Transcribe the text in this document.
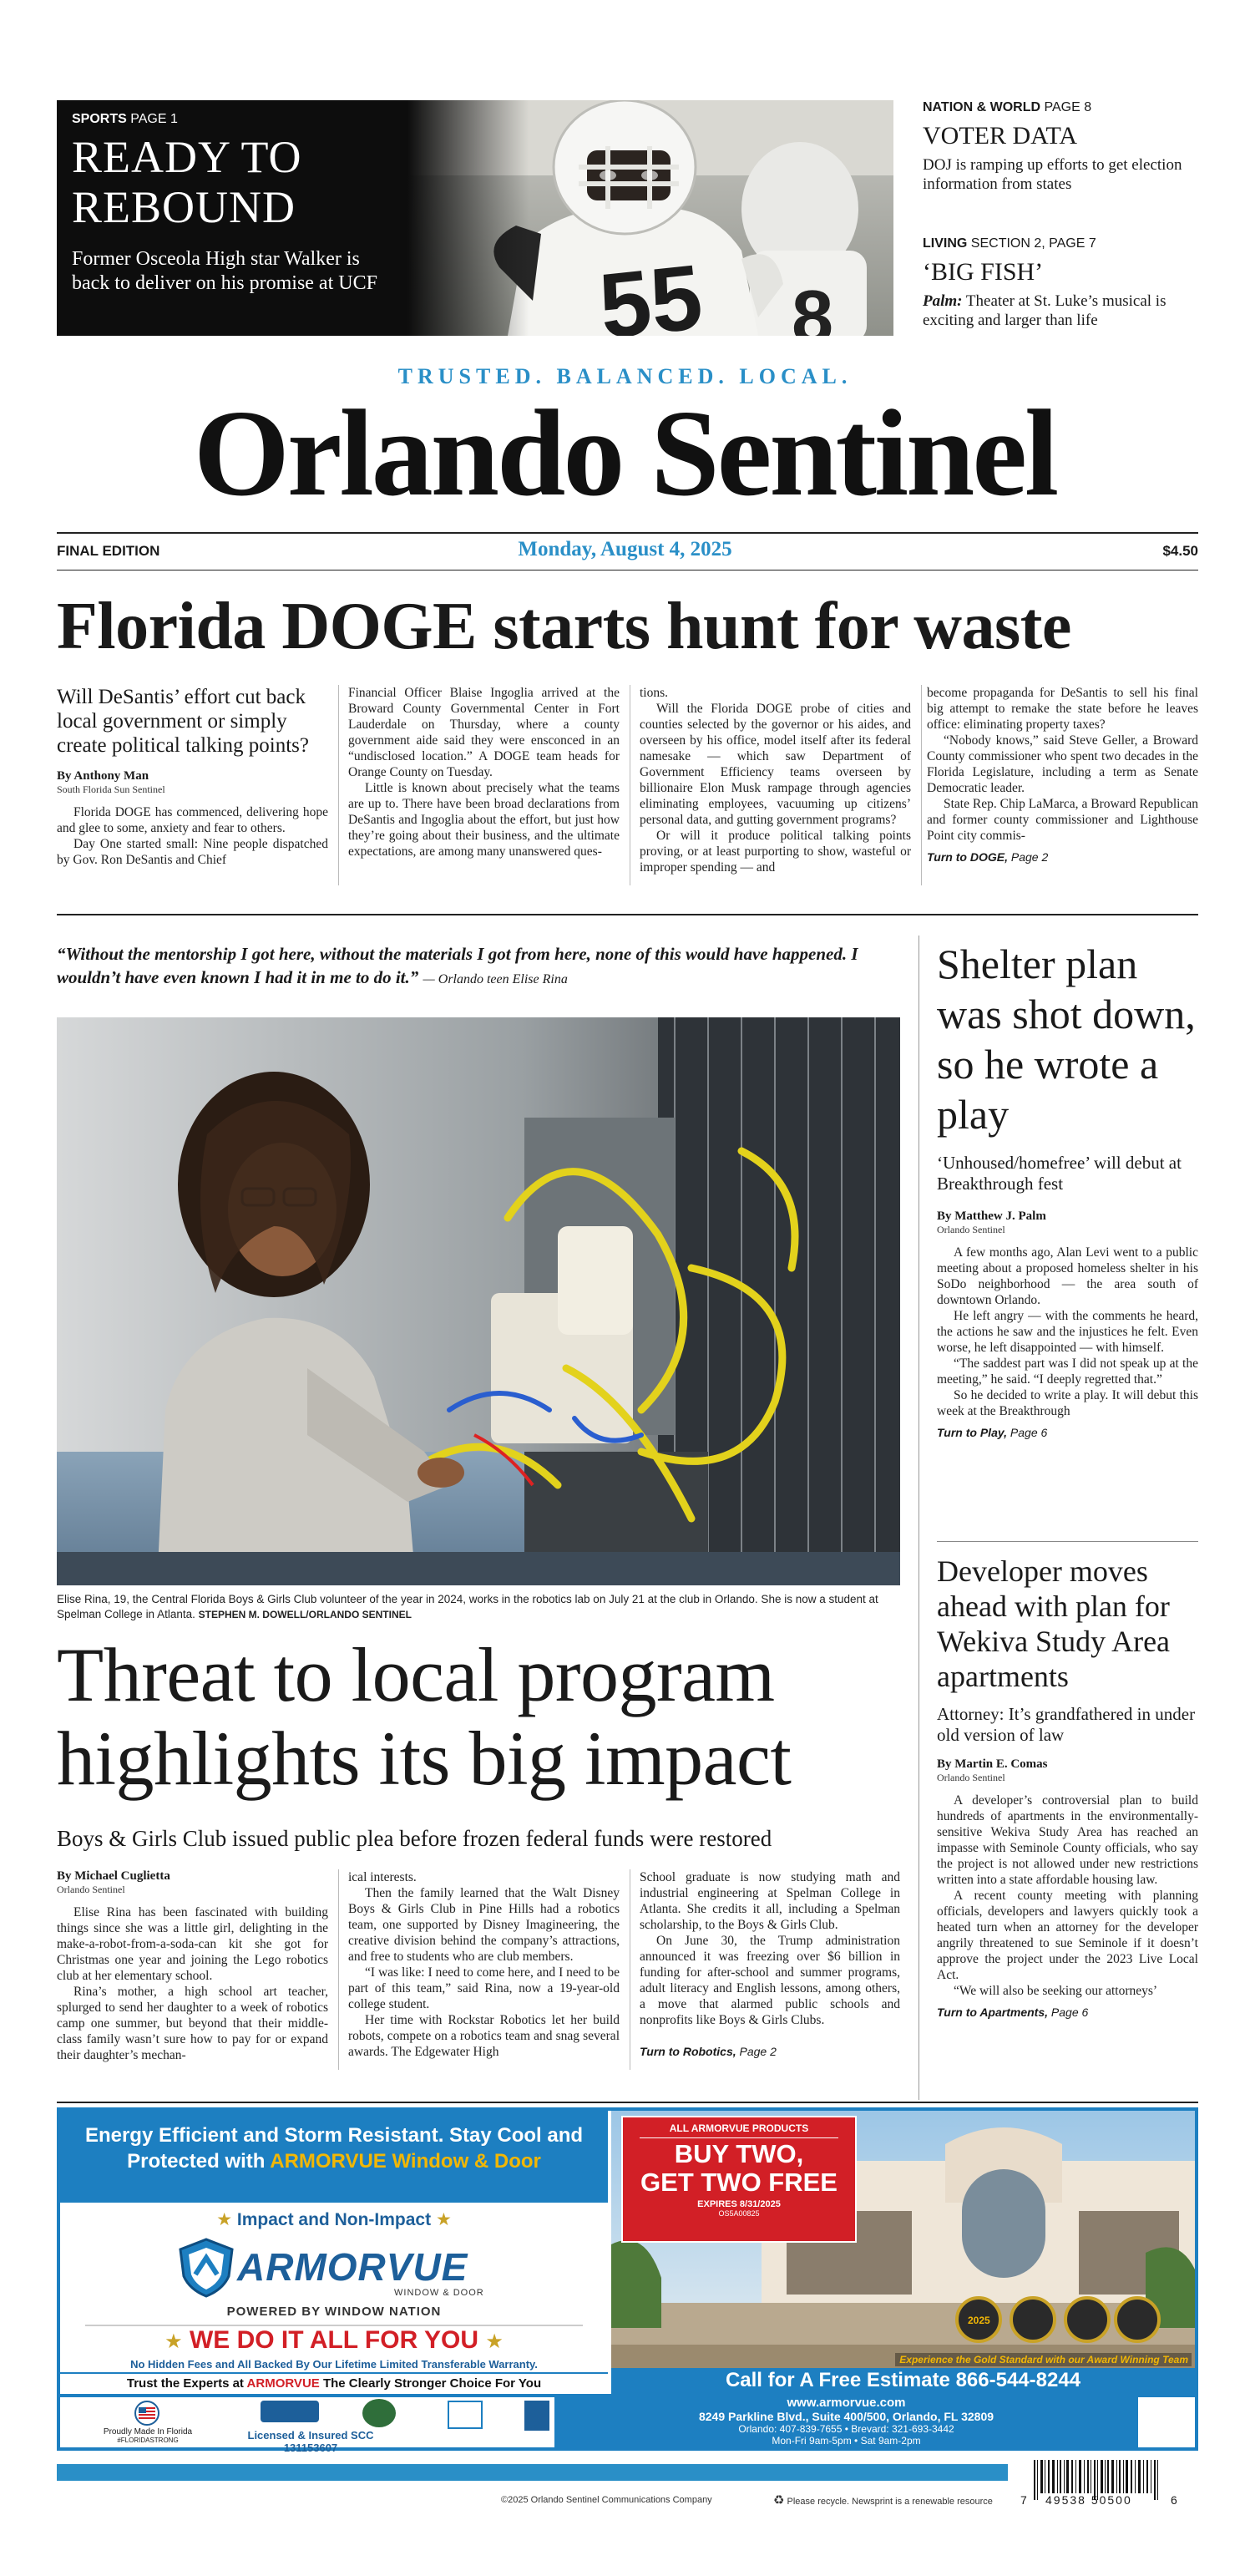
SPORTS PAGE 1
READY TO
REBOUND
Former Osceola High star Walker is back to deliver on his promise at UCF
NATION & WORLD PAGE 8
VOTER DATA
DOJ is ramping up efforts to get election information from states
LIVING SECTION 2, PAGE 7
‘BIG FISH’
Palm: Theater at St. Luke’s musical is exciting and larger than life
TRUSTED. BALANCED. LOCAL.
Orlando Sentinel
FINAL EDITION	Monday, August 4, 2025	$4.50
Florida DOGE starts hunt for waste
Will DeSantis’ effort cut back local government or simply create political talking points?
By Anthony Man
South Florida Sun Sentinel

Florida DOGE has commenced, delivering hope and glee to some, anxiety and fear to others.

Day One started small: Nine people dispatched by Gov. Ron DeSantis and Chief

Financial Officer Blaise Ingoglia arrived at the Broward County Governmental Center in Fort Lauderdale on Thursday, where a county government aide said they were ensconced in an “undisclosed location.” A DOGE team heads for Orange County on Tuesday.

Little is known about precisely what the teams are up to. There have been broad declarations from DeSantis and Ingoglia about the effort, but just how they’re going about their business, and the ultimate expectations, are among many unanswered ques-

tions.

Will the Florida DOGE probe of cities and counties selected by the governor or his aides, and overseen by his office, model itself after its federal namesake — which saw Department of Government Efficiency teams overseen by billionaire Elon Musk rampage through agencies eliminating employees, vacuuming up citizens’ personal data, and gutting government programs?

Or will it produce political talking points proving, or at least purporting to show, wasteful or improper spending — and

become propaganda for DeSantis to sell his final big attempt to remake the state before he leaves office: eliminating property taxes?

“Nobody knows,” said Steve Geller, a Broward County commissioner who spent two decades in the Florida Legislature, including a term as Senate Democratic leader.

State Rep. Chip LaMarca, a Broward Republican and former county commissioner and Lighthouse Point city commis-

Turn to DOGE, Page 2
“Without the mentorship I got here, without the materials I got from here, none of this would have happened. I wouldn’t have even known I had it in me to do it.” — Orlando teen Elise Rina
Elise Rina, 19, the Central Florida Boys & Girls Club volunteer of the year in 2024, works in the robotics lab on July 21 at the club in Orlando. She is now a student at Spelman College in Atlanta. STEPHEN M. DOWELL/ORLANDO SENTINEL
Threat to local program
highlights its big impact
Boys & Girls Club issued public plea before frozen federal funds were restored
By Michael Cuglietta
Orlando Sentinel

Elise Rina has been fascinated with building things since she was a little girl, delighting in the make-a-robot-from-a-soda-can kit she got for Christmas one year and joining the Lego robotics club at her elementary school.

Rina’s mother, a high school art teacher, splurged to send her daughter to a week of robotics camp one summer, but beyond that their middle-class family wasn’t sure how to pay for or expand their daughter’s mechan-

ical interests.

Then the family learned that the Walt Disney Boys & Girls Club in Pine Hills had a robotics team, one supported by Disney Imagineering, the creative division behind the company’s attractions, and free to students who are club members.

“I was like: I need to come here, and I need to be part of this team,” said Rina, now a 19-year-old college student.

Her time with Rockstar Robotics let her build robots, compete on a robotics team and snag several awards. The Edgewater High

School graduate is now studying math and industrial engineering at Spelman College in Atlanta. She credits it all, including a Spelman scholarship, to the Boys & Girls Club.

On June 30, the Trump administration announced it was freezing over $6 billion in funding for after-school and summer programs, adult literacy and English lessons, among others, a move that alarmed public schools and nonprofits like Boys & Girls Clubs.

Turn to Robotics, Page 2
Shelter plan was shot down, so he wrote a play
‘Unhoused/homefree’ will debut at Breakthrough fest
By Matthew J. Palm
Orlando Sentinel

A few months ago, Alan Levi went to a public meeting about a proposed homeless shelter in his SoDo neighborhood — the area south of downtown Orlando.

He left angry — with the comments he heard, the actions he saw and the injustices he felt. Even worse, he left disappointed — with himself.

“The saddest part was I did not speak up at the meeting,” he said. “I deeply regretted that.”

So he decided to write a play. It will debut this week at the Breakthrough

Turn to Play, Page 6
Developer moves ahead with plan for Wekiva Study Area apartments
Attorney: It’s grandfathered in under old version of law
By Martin E. Comas
Orlando Sentinel

A developer’s controversial plan to build hundreds of apartments in the environmentally-sensitive Wekiva Study Area has reached an impasse with Seminole County officials, who say the project is not allowed under new restrictions written into a state affordable housing law.

A recent county meeting with planning officials, developers and lawyers quickly took a heated turn when an attorney for the developer angrily threatened to sue Seminole if it doesn’t approve the project under the 2023 Live Local Act.

“We will also be seeking our attorneys’

Turn to Apartments, Page 6
Energy Efficient and Storm Resistant. Stay Cool and Protected with ARMORVUE Window & Door
★ Impact and Non-Impact ★
ARMORVUE
WINDOW & DOOR
POWERED BY WINDOW NATION
★ WE DO IT ALL FOR YOU ★
No Hidden Fees and All Backed By Our Lifetime Limited Transferable Warranty.
Trust the Experts at ARMORVUE The Clearly Stronger Choice For You
2025
ALL ARMORVUE PRODUCTS
BUY TWO,
GET TWO FREE
EXPIRES 8/31/2025
OS5A00825
Experience the Gold Standard with our Award Winning Team
Call for A Free Estimate 866-544-8244
Proudly Made In Florida
#FLORIDASTRONG	Licensed & Insured SCC 131153607
www.armorvue.com
8249 Parkline Blvd., Suite 400/500, Orlando, FL 32809
Orlando: 407-839-7655 • Brevard: 321-693-3442
Mon-Fri 9am-5pm • Sat 9am-2pm
©2025 Orlando Sentinel Communications Company	♻ Please recycle. Newsprint is a renewable resource 7 49538 50500	6
